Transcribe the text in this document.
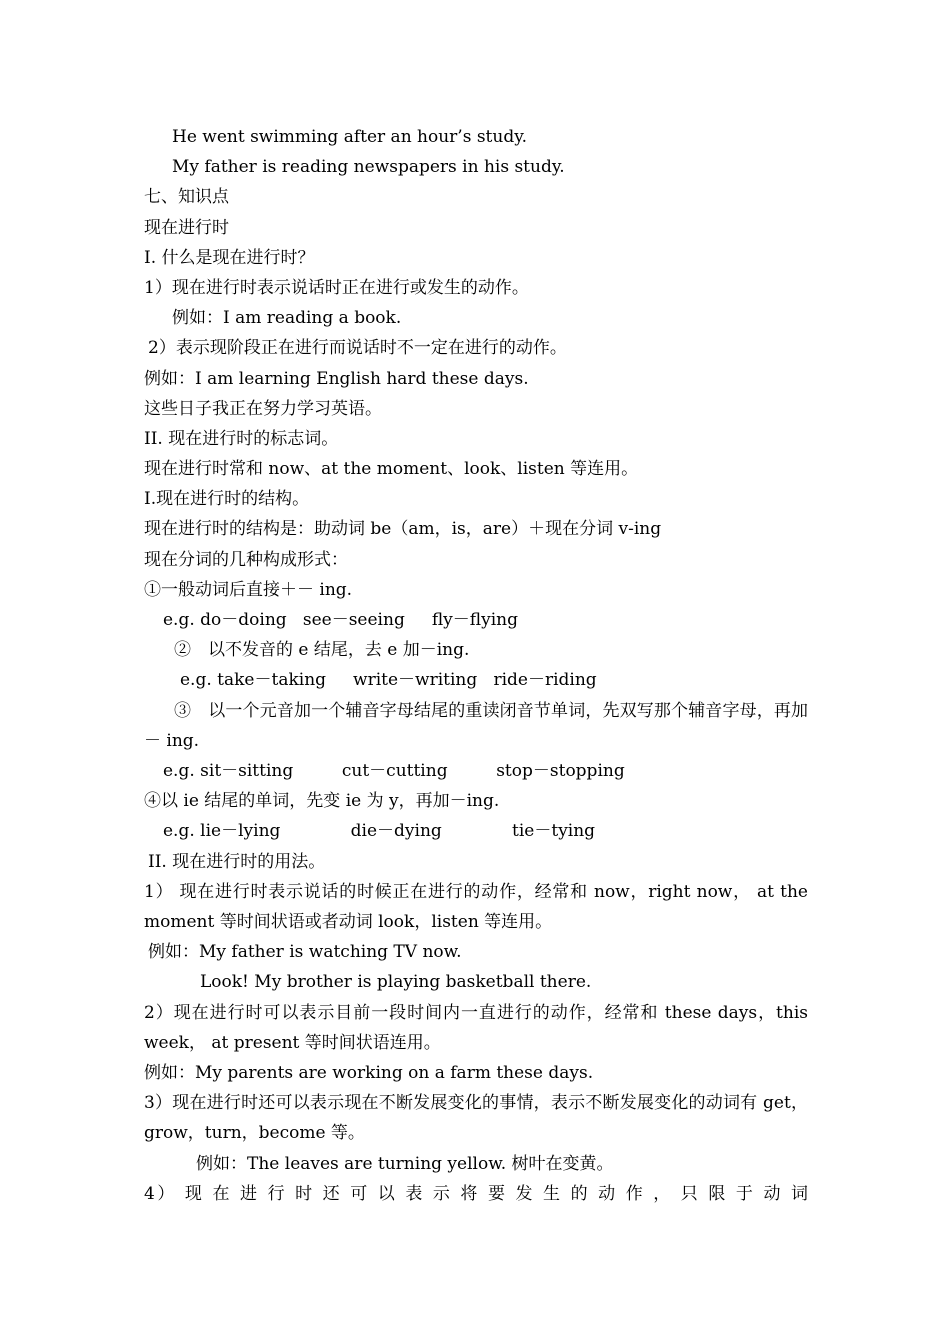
He went swimming after an hour’s study.
My father is reading newspapers in his study.
七、知识点
现在进行时
I. 什么是现在进行时？
1）现在进行时表示说话时正在进行或发生的动作。
例如：I am reading a book.
2）表示现阶段正在进行而说话时不一定在进行的动作。
例如：I am learning English hard these days.
这些日子我正在努力学习英语。
II. 现在进行时的标志词。
现在进行时常和 now、at the moment、look、listen 等连用。
I.现在进行时的结构。
现在进行时的结构是：助动词 be（am，is，are）＋现在分词 v-ing
现在分词的几种构成形式：
①一般动词后直接＋－ ing.
e.g. do－doing   see－seeing     fly－flying
②　以不发音的 e 结尾，去 e 加－ing.
e.g. take－taking     write－writing   ride－riding
③　以一个元音加一个辅音字母结尾的重读闭音节单词，先双写那个辅音字母，再加－ ing.
e.g. sit－sitting         cut－cutting         stop－stopping
④以 ie 结尾的单词，先变 ie 为 y，再加－ing.
e.g. lie－lying             die－dying             tie－tying
II. 现在进行时的用法。
1） 现在进行时表示说话的时候正在进行的动作，经常和 now，right now， at the moment 等时间状语或者动词 look，listen 等连用。
例如：My father is watching TV now.
Look! My brother is playing basketball there.
2）现在进行时可以表示目前一段时间内一直进行的动作，经常和 these days，this week， at present 等时间状语连用。
例如：My parents are working on a farm these days.
3）现在进行时还可以表示现在不断发展变化的事情，表示不断发展变化的动词有 get，grow，turn，become 等。
例如：The leaves are turning yellow. 树叶在变黄。
4） 现 在 进 行 时 还 可 以 表 示 将 要 发 生 的 动 作 ， 只 限 于 动 词
